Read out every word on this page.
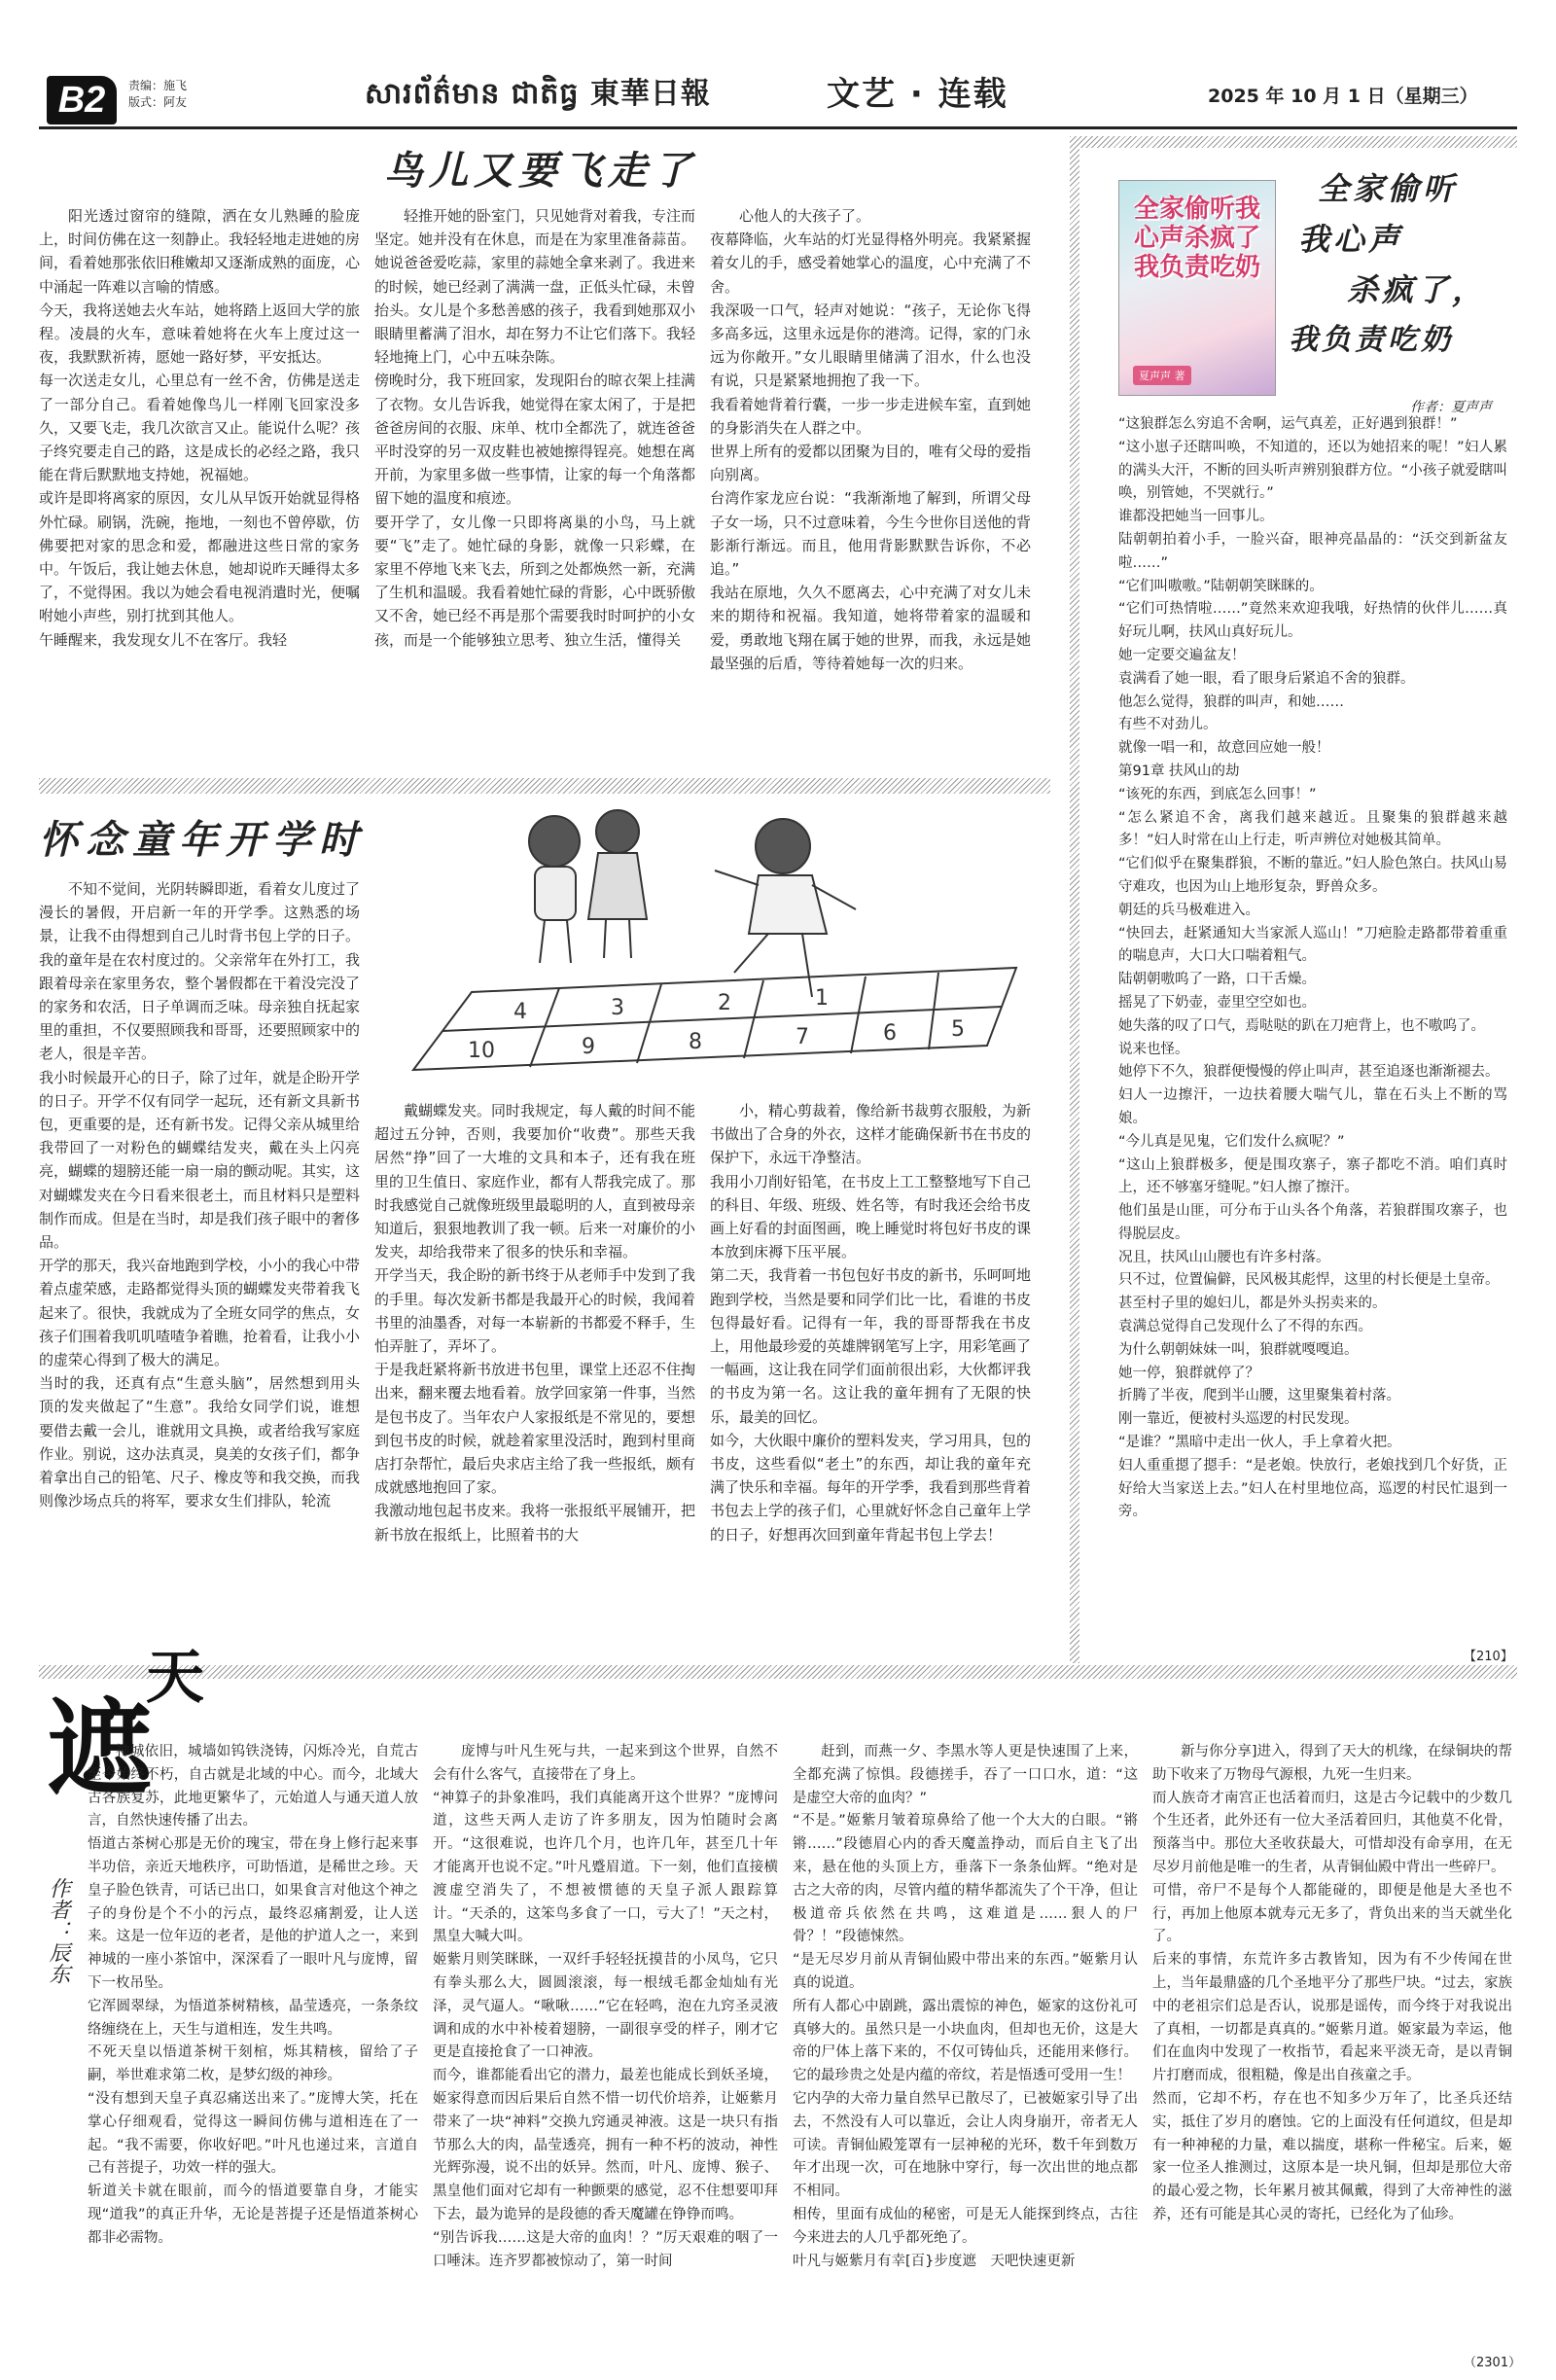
B2	责编：施飞
版式：阿友	សារព័ត៌មាន ជាតិធ្វ 東華日報	文艺 · 连载	2025 年 10 月 1 日（星期三）
鸟儿又要飞走了
阳光透过窗帘的缝隙，洒在女儿熟睡的脸庞上，时间仿佛在这一刻静止。我轻轻地走进她的房间，看着她那张依旧稚嫩却又逐渐成熟的面庞，心中涌起一阵难以言喻的情感。
今天，我将送她去火车站，她将踏上返回大学的旅程。凌晨的火车，意味着她将在火车上度过这一夜，我默默祈祷，愿她一路好梦，平安抵达。
每一次送走女儿，心里总有一丝不舍，仿佛是送走了一部分自己。看着她像鸟儿一样刚飞回家没多久，又要飞走，我几次欲言又止。能说什么呢？孩子终究要走自己的路，这是成长的必经之路，我只能在背后默默地支持她，祝福她。
或许是即将离家的原因，女儿从早饭开始就显得格外忙碌。刷锅，洗碗，拖地，一刻也不曾停歇，仿佛要把对家的思念和爱，都融进这些日常的家务中。午饭后，我让她去休息，她却说昨天睡得太多了，不觉得困。我以为她会看电视消遣时光，便嘱咐她小声些，别打扰到其他人。
午睡醒来，我发现女儿不在客厅。我轻
轻推开她的卧室门，只见她背对着我，专注而坚定。她并没有在休息，而是在为家里准备蒜苗。她说爸爸爱吃蒜，家里的蒜她全拿来剥了。我进来的时候，她已经剥了满满一盘，正低头忙碌，未曾抬头。女儿是个多愁善感的孩子，我看到她那双小眼睛里蓄满了泪水，却在努力不让它们落下。我轻轻地掩上门，心中五味杂陈。
傍晚时分，我下班回家，发现阳台的晾衣架上挂满了衣物。女儿告诉我，她觉得在家太闲了，于是把爸爸房间的衣服、床单、枕巾全都洗了，就连爸爸平时没穿的另一双皮鞋也被她擦得锃亮。她想在离开前，为家里多做一些事情，让家的每一个角落都留下她的温度和痕迹。
要开学了，女儿像一只即将离巢的小鸟，马上就要“飞”走了。她忙碌的身影，就像一只彩蝶，在家里不停地飞来飞去，所到之处都焕然一新，充满了生机和温暖。我看着她忙碌的背影，心中既骄傲又不舍，她已经不再是那个需要我时时呵护的小女孩，而是一个能够独立思考、独立生活，懂得关
心他人的大孩子了。
夜幕降临，火车站的灯光显得格外明亮。我紧紧握着女儿的手，感受着她掌心的温度，心中充满了不舍。
我深吸一口气，轻声对她说：“孩子，无论你飞得多高多远，这里永远是你的港湾。记得，家的门永远为你敞开。”女儿眼睛里储满了泪水，什么也没有说，只是紧紧地拥抱了我一下。
我看着她背着行囊，一步一步走进候车室，直到她的身影消失在人群之中。
世界上所有的爱都以团聚为目的，唯有父母的爱指向别离。
台湾作家龙应台说：“我渐渐地了解到，所谓父母子女一场，只不过意味着，今生今世你目送他的背影渐行渐远。而且，他用背影默默告诉你，不必追。”
我站在原地，久久不愿离去，心中充满了对女儿未来的期待和祝福。我知道，她将带着家的温暖和爱，勇敢地飞翔在属于她的世界，而我，永远是她最坚强的后盾，等待着她每一次的归来。
怀念童年开学时
10	9	8	7	6	5
4	3	2	1
不知不觉间，光阴转瞬即逝，看着女儿度过了漫长的暑假，开启新一年的开学季。这熟悉的场景，让我不由得想到自己儿时背书包上学的日子。
我的童年是在农村度过的。父亲常年在外打工，我跟着母亲在家里务农，整个暑假都在干着没完没了的家务和农活，日子单调而乏味。母亲独自抚起家里的重担，不仅要照顾我和哥哥，还要照顾家中的老人，很是辛苦。
我小时候最开心的日子，除了过年，就是企盼开学的日子。开学不仅有同学一起玩，还有新文具新书包，更重要的是，还有新书发。记得父亲从城里给我带回了一对粉色的蝴蝶结发夹，戴在头上闪亮亮，蝴蝶的翅膀还能一扇一扇的颤动呢。其实，这对蝴蝶发夹在今日看来很老土，而且材料只是塑料制作而成。但是在当时，却是我们孩子眼中的奢侈品。
开学的那天，我兴奋地跑到学校，小小的我心中带着点虚荣感，走路都觉得头顶的蝴蝶发夹带着我飞起来了。很快，我就成为了全班女同学的焦点，女孩子们围着我叽叽喳喳争着瞧，抢着看，让我小小的虚荣心得到了极大的满足。
当时的我，还真有点“生意头脑”，居然想到用头顶的发夹做起了“生意”。我给女同学们说，谁想要借去戴一会儿，谁就用文具换，或者给我写家庭作业。别说，这办法真灵，臭美的女孩子们，都争着拿出自己的铅笔、尺子、橡皮等和我交换，而我则像沙场点兵的将军，要求女生们排队，轮流
戴蝴蝶发夹。同时我规定，每人戴的时间不能超过五分钟，否则，我要加价“收费”。那些天我居然“挣”回了一大堆的文具和本子，还有我在班里的卫生值日、家庭作业，都有人帮我完成了。那时我感觉自己就像班级里最聪明的人，直到被母亲知道后，狠狠地教训了我一顿。后来一对廉价的小发夹，却给我带来了很多的快乐和幸福。
开学当天，我企盼的新书终于从老师手中发到了我的手里。每次发新书都是我最开心的时候，我闻着书里的油墨香，对每一本崭新的书都爱不释手，生怕弄脏了，弄坏了。
于是我赶紧将新书放进书包里，课堂上还忍不住掏出来，翻来覆去地看着。放学回家第一件事，当然是包书皮了。当年农户人家报纸是不常见的，要想到包书皮的时候，就趁着家里没活时，跑到村里商店打杂帮忙，最后央求店主给了我一些报纸，颇有成就感地抱回了家。
我激动地包起书皮来。我将一张报纸平展铺开，把新书放在报纸上，比照着书的大
小，精心剪裁着，像给新书裁剪衣服般，为新书做出了合身的外衣，这样才能确保新书在书皮的保护下，永远干净整洁。
我用小刀削好铅笔，在书皮上工工整整地写下自己的科目、年级、班级、姓名等，有时我还会给书皮画上好看的封面图画，晚上睡觉时将包好书皮的课本放到床褥下压平展。
第二天，我背着一书包包好书皮的新书，乐呵呵地跑到学校，当然是要和同学们比一比，看谁的书皮包得最好看。记得有一年，我的哥哥帮我在书皮上，用他最珍爱的英雄牌钢笔写上字，用彩笔画了一幅画，这让我在同学们面前很出彩，大伙都评我的书皮为第一名。这让我的童年拥有了无限的快乐，最美的回忆。
如今，大伙眼中廉价的塑料发夹，学习用具，包的书皮，这些看似“老土”的东西，却让我的童年充满了快乐和幸福。每年的开学季，我看到那些背着书包去上学的孩子们，心里就好怀念自己童年上学的日子，好想再次回到童年背起书包上学去！
全家偷听我心声杀疯了我负责吃奶
夏声声 著
全家偷听
我心声
杀疯了，
我负责吃奶
作者：夏声声
“这狼群怎么穷追不舍啊，运气真差，正好遇到狼群！”
“这小崽子还瞎叫唤，不知道的，还以为她招来的呢！”妇人累的满头大汗，不断的回头听声辨别狼群方位。“小孩子就爱瞎叫唤，别管她，不哭就行。”
谁都没把她当一回事儿。
陆朝朝拍着小手，一脸兴奋，眼神亮晶晶的：“沃交到新盆友啦……”
“它们叫嗷嗷。”陆朝朝笑眯眯的。
“它们可热情啦……”竟然来欢迎我哦，好热情的伙伴儿……真好玩儿啊，扶风山真好玩儿。
她一定要交遍盆友！
袁满看了她一眼，看了眼身后紧追不舍的狼群。
他怎么觉得，狼群的叫声，和她……
有些不对劲儿。
就像一唱一和，故意回应她一般！
第91章 扶风山的劫
“该死的东西，到底怎么回事！”
“怎么紧追不舍，离我们越来越近。且聚集的狼群越来越多！”妇人时常在山上行走，听声辨位对她极其简单。
“它们似乎在聚集群狼，不断的靠近。”妇人脸色煞白。扶风山易守难攻，也因为山上地形复杂，野兽众多。
朝廷的兵马极难进入。
“快回去，赶紧通知大当家派人巡山！”刀疤脸走路都带着重重的喘息声，大口大口喘着粗气。
陆朝朝嗷呜了一路，口干舌燥。
摇晃了下奶壶，壶里空空如也。
她失落的叹了口气，焉哒哒的趴在刀疤背上，也不嗷呜了。
说来也怪。
她停下不久，狼群便慢慢的停止叫声，甚至追逐也渐渐褪去。
妇人一边擦汗，一边扶着腰大喘气儿，靠在石头上不断的骂娘。
“今儿真是见鬼，它们发什么疯呢？”
“这山上狼群极多，便是围攻寨子，寨子都吃不消。咱们真时上，还不够塞牙缝呢。”妇人擦了擦汗。
他们虽是山匪，可分布于山头各个角落，若狼群围攻寨子，也得脱层皮。
况且，扶风山山腰也有许多村落。
只不过，位置偏僻，民风极其彪悍，这里的村长便是土皇帝。
甚至村子里的媳妇儿，都是外头拐卖来的。
袁满总觉得自己发现什么了不得的东西。
为什么朝朝妹妹一叫，狼群就嘎嘎追。
她一停，狼群就停了？
折腾了半夜，爬到半山腰，这里聚集着村落。
刚一靠近，便被村头巡逻的村民发现。
“是谁？”黑暗中走出一伙人，手上拿着火把。
妇人重重摁了摁手：“是老娘。快放行，老娘找到几个好货，正好给大当家送上去。”妇人在村里地位高，巡逻的村民忙退到一旁。
【210】
天
遮
作者：辰东
神城依旧，城墙如钨铁浇铸，闪烁冷光，自荒古至今始终不朽，自古就是北域的中心。而今，北域大古各族复苏，此地更繁华了，元始道人与通天道人放言，自然快速传播了出去。
悟道古茶树心那是无价的瑰宝，带在身上修行起来事半功倍，亲近天地秩序，可助悟道，是稀世之珍。天皇子脸色铁青，可话已出口，如果食言对他这个神之子的身份是个不小的污点，最终忍痛割爱，让人送来。这是一位年迈的老者，是他的护道人之一，来到神城的一座小茶馆中，深深看了一眼叶凡与庞博，留下一枚吊坠。
它浑圆翠绿，为悟道茶树精核，晶莹透亮，一条条纹络缠绕在上，天生与道相连，发生共鸣。
不死天皇以悟道茶树干刻棺，烁其精核，留给了子嗣，举世难求第二枚，是梦幻级的神珍。
“没有想到天皇子真忍痛送出来了。”庞博大笑，托在掌心仔细观看，觉得这一瞬间仿佛与道相连在了一起。“我不需要，你收好吧。”叶凡也递过来，言道自己有菩提子，功效一样的强大。
斩道关卡就在眼前，而今的悟道要靠自身，才能实现“道我”的真正升华，无论是菩提子还是悟道茶树心都非必需物。
庞博与叶凡生死与共，一起来到这个世界，自然不会有什么客气，直接带在了身上。
“神算子的卦象准吗，我们真能离开这个世界？”庞博问道，这些天两人走访了许多朋友，因为怕随时会离开。“这很难说，也许几个月，也许几年，甚至几十年才能离开也说不定。”叶凡蹙眉道。下一刻，他们直接横渡虚空消失了，不想被惯德的天皇子派人跟踪算计。“天杀的，这笨鸟多食了一口，亏大了！”天之村，黑皇大喊大叫。
姬紫月则笑眯眯，一双纤手轻轻抚摸昔的小凤鸟，它只有拳头那么大，圆圆滚滚，每一根绒毛都金灿灿有光泽，灵气逼人。“啾啾……”它在轻鸣，泡在九窍圣灵液调和成的水中补棱着翅膀，一副很享受的样子，刚才它更是直接抢食了一口神液。
而今，谁都能看出它的潜力，最差也能成长到妖圣境，姬家得意而因后果后自然不惜一切代价培养，让姬紫月带来了一块“神料”交换九窍通灵神液。这是一块只有指节那么大的肉，晶莹透亮，拥有一种不朽的波动，神性光辉弥漫，说不出的妖异。然而，叶凡、庞博、猴子、黑皇他们面对它却有一种颤栗的感觉，忍不住想要叩拜下去，最为诡异的是段德的香天魔罐在铮铮而鸣。
“别告诉我……这是大帝的血肉！？”厉天艰难的咽了一口唾沫。连齐罗都被惊动了，第一时间
赶到，而燕一夕、李黑水等人更是快速围了上来，全都充满了惊惧。段德搓手，吞了一口口水，道：“这是虚空大帝的血肉？”
“不是。”姬紫月皱着琼鼻给了他一个大大的白眼。“锵锵……”段德眉心内的香天魔盖挣动，而后自主飞了出来，悬在他的头顶上方，垂落下一条条仙辉。“绝对是古之大帝的肉，尽管内蕴的精华都流失了个干净，但让极道帝兵依然在共鸣，这难道是……狠人的尸骨？！”段德悚然。
“是无尽岁月前从青铜仙殿中带出来的东西。”姬紫月认真的说道。
所有人都心中剧跳，露出震惊的神色，姬家的这份礼可真够大的。虽然只是一小块血肉，但却也无价，这是大帝的尸体上落下来的，不仅可铸仙兵，还能用来修行。它的最珍贵之处是内蕴的帝纹，若是悟透可受用一生！
它内孕的大帝力量自然早已散尽了，已被姬家引导了出去，不然没有人可以靠近，会让人肉身崩开，帝者无人可读。青铜仙殿笼罩有一层神秘的光环，数千年到数万年才出现一次，可在地脉中穿行，每一次出世的地点都不相同。
相传，里面有成仙的秘密，可是无人能探到终点，古往今来进去的人几乎都死绝了。
叶凡与姬紫月有幸[百}步度遮　天吧快速更新
新与你分享]进入，得到了天大的机缘，在绿铜块的帮助下收来了万物母气源根，九死一生归来。
而人族奇才南宫正也活着而归，这是古今记载中的少数几个生还者，此外还有一位大圣活着回归，其他莫不化骨，预落当中。那位大圣收获最大，可惜却没有命享用，在无尽岁月前他是唯一的生者，从青铜仙殿中背出一些碎尸。
可惜，帝尸不是每个人都能碰的，即便是他是大圣也不行，再加上他原本就寿元无多了，背负出来的当天就坐化了。
后来的事情，东荒许多古教皆知，因为有不少传闻在世上，当年最鼎盛的几个圣地平分了那些尸块。“过去，家族中的老祖宗们总是否认，说那是谣传，而今终于对我说出了真相，一切都是真真的。”姬紫月道。姬家最为幸运，他们在血肉中发现了一枚指节，看起来平淡无奇，是以青铜片打磨而成，很粗糙，像是出自孩童之手。
然而，它却不朽，存在也不知多少万年了，比圣兵还结实，抵住了岁月的磨蚀。它的上面没有任何道纹，但是却有一种神秘的力量，难以揣度，堪称一件秘宝。后来，姬家一位圣人推测过，这原本是一块凡铜，但却是那位大帝的最心爱之物，长年累月被其佩戴，得到了大帝神性的滋养，还有可能是其心灵的寄托，已经化为了仙珍。
（2301）
